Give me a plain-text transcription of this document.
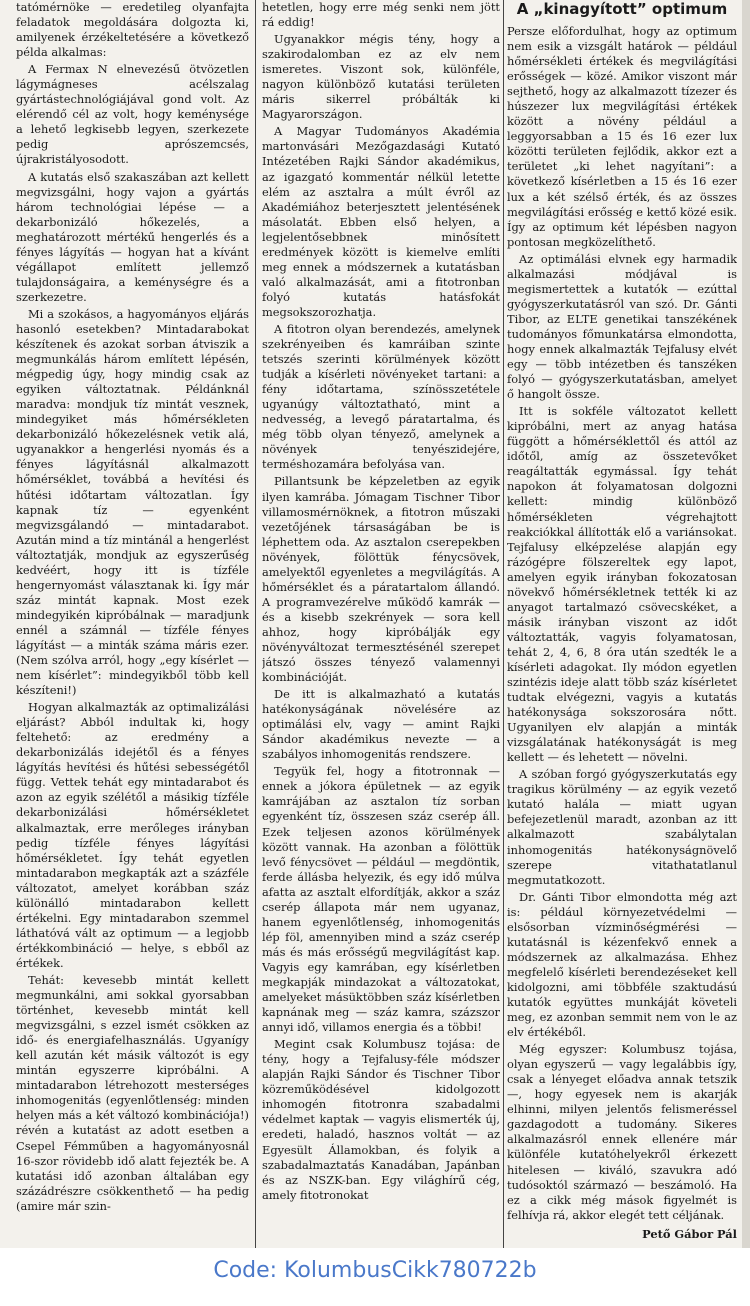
tatómérnöke — eredetileg olyanfajta feladatok megoldására dolgozta ki, amilyenek érzékeltetésére a következő példa alkalmas:

A Fermax N elnevezésű ötvözetlen lágymágneses acélszalag gyártástechnológiájával gond volt. Az elérendő cél az volt, hogy keménysége a lehető legkisebb legyen, szerkezete pedig aprószemcsés, újrakristályosodott.

A kutatás első szakaszában azt kellett megvizsgálni, hogy vajon a gyártás három technológiai lépése — a dekarbonizáló hőkezelés, a meghatározott mértékű hengerlés és a fényes lágyítás — hogyan hat a kívánt végállapot említett jellemző tulajdonságaira, a keménységre és a szerkezetre.

Mi a szokásos, a hagyományos eljárás hasonló esetekben? Mintadarabokat készítenek és azokat sorban átviszik a megmunkálás három említett lépésén, mégpedig úgy, hogy mindig csak az egyiken változtatnak. Példánknál maradva: mondjuk tíz mintát vesznek, mindegyiket más hőmérsékleten dekarbonizáló hőkezelésnek vetik alá, ugyanakkor a hengerlési nyomás és a fényes lágyításnál alkalmazott hőmérséklet, továbbá a hevítési és hűtési időtartam változatlan. Így kapnak tíz — egyenként megvizsgálandó — mintadarabot. Azután mind a tíz mintánál a hengerlést változtatják, mondjuk az egyszerűség kedvéért, hogy itt is tízféle hengernyomást választanak ki. Így már száz mintát kapnak. Most ezek mindegyikén kipróbálnak — maradjunk ennél a számnál — tízféle fényes lágyítást — a minták száma máris ezer. (Nem szólva arról, hogy „egy kísérlet — nem kísérlet”: mindegyikből több kell készíteni!)

Hogyan alkalmazták az optimalizálási eljárást? Abból indultak ki, hogy feltehető: az eredmény a dekarbonizálás idejétől és a fényes lágyítás hevítési és hűtési sebességétől függ. Vettek tehát egy mintadarabot és azon az egyik szélétől a másikig tízféle dekarbonizálási hőmérsékletet alkalmaztak, erre merőleges irányban pedig tízféle fényes lágyítási hőmérsékletet. Így tehát egyetlen mintadarabon megkapták azt a százféle változatot, amelyet korábban száz különálló mintadarabon kellett értékelni. Egy mintadarabon szemmel láthatóvá vált az optimum — a legjobb értékkombináció — helye, s ebből az értékek.

Tehát: kevesebb mintát kellett megmunkálni, ami sokkal gyorsabban történhet, kevesebb mintát kell megvizsgálni, s ezzel ismét csökken az idő- és energiafelhasználás. Ugyanígy kell azután két másik változót is egy mintán egyszerre kipróbálni. A mintadarabon létrehozott mesterséges inhomogenitás (egyenlőtlenség: minden helyen más a két változó kombinációja!) révén a kutatást az adott esetben a Csepel Fémműben a hagyományosnál 16-szor rövidebb idő alatt fejezték be. A kutatási idő azonban általában egy százádrészre csökkenthető — ha pedig (amire már szin-

hetetlen, hogy erre még senki nem jött rá eddig!

Ugyanakkor mégis tény, hogy a szakirodalomban ez az elv nem ismeretes. Viszont sok, különféle, nagyon különböző kutatási területen máris sikerrel próbálták ki Magyarországon.

A Magyar Tudományos Akadémia martonvásári Mezőgazdasági Kutató Intézetében Rajki Sándor akadémikus, az igazgató kommentár nélkül letette elém az asztalra a múlt évről az Akadémiához beterjesztett jelentésének másolatát. Ebben első helyen, a legjelentősebbnek minősített eredmények között is kiemelve említi meg ennek a módszernek a kutatásban való alkalmazását, ami a fitotronban folyó kutatás hatásfokát megsokszorozhatja.

A fitotron olyan berendezés, amelynek szekrényeiben és kamráiban szinte tetszés szerinti körülmények között tudják a kísérleti növényeket tartani: a fény időtartama, színösszetétele ugyanúgy változtatható, mint a nedvesség, a levegő páratartalma, és még több olyan tényező, amelynek a növények tenyészidejére, terméshozamára befolyása van.

Pillantsunk be képzeletben az egyik ilyen kamrába. Jómagam Tischner Tibor villamosmérnöknek, a fitotron műszaki vezetőjének társaságában be is léphettem oda. Az asztalon cserepekben növények, fölöttük fénycsövek, amelyektől egyenletes a megvilágítás. A hőmérséklet és a páratartalom állandó. A programvezérelve működő kamrák — és a kisebb szekrények — sora kell ahhoz, hogy kipróbálják egy növényváltozat termesztésénél szerepet játszó összes tényező valamennyi kombinációját.

De itt is alkalmazható a kutatás hatékonyságának növelésére az optimálási elv, vagy — amint Rajki Sándor akadémikus nevezte — a szabályos inhomogenitás rendszere.

Tegyük fel, hogy a fitotronnak — ennek a jókora épületnek — az egyik kamrájában az asztalon tíz sorban egyenként tíz, összesen száz cserép áll. Ezek teljesen azonos körülmények között vannak. Ha azonban a fölöttük levő fénycsövet — például — megdöntik, ferde állásba helyezik, és egy idő múlva afatta az asztalt elfordítják, akkor a száz cserép állapota már nem ugyanaz, hanem egyenlőtlenség, inhomogenitás lép föl, amennyiben mind a száz cserép más és más erősségű megvilágítást kap. Vagyis egy kamrában, egy kísérletben megkapják mindazokat a változatokat, amelyeket másüktöbben száz kísérletben kapnának meg — száz kamra, százszor annyi idő, villamos energia és a többi!

Megint csak Kolumbusz tojása: de tény, hogy a Tejfalusy-féle módszer alapján Rajki Sándor és Tischner Tibor közreműködésével kidolgozott inhomogén fitotronra szabadalmi védelmet kaptak — vagyis elismerték új, eredeti, haladó, hasznos voltát — az Egyesült Államokban, és folyik a szabadalmaztatás Kanadában, Japánban és az NSZK-ban. Egy világhírű cég, amely fitotronokat

A „kinagyított” optimum

Persze előfordulhat, hogy az optimum nem esik a vizsgált határok — például hőmérsékleti értékek és megvilágítási erősségek — közé. Amikor viszont már sejthető, hogy az alkalmazott tízezer és húszezer lux megvilágítási értékek között a növény például a leggyorsabban a 15 és 16 ezer lux közötti területen fejlődik, akkor ezt a területet „ki lehet nagyítani”: a következő kísérletben a 15 és 16 ezer lux a két szélső érték, és az összes megvilágítási erősség e kettő közé esik. Így az optimum két lépésben nagyon pontosan megközelíthető.

Az optimálási elvnek egy harmadik alkalmazási módjával is megismertettek a kutatók — ezúttal gyógyszerkutatásról van szó. Dr. Gánti Tibor, az ELTE genetikai tanszékének tudományos főmunkatársa elmondotta, hogy ennek alkalmazták Tejfalusy elvét egy — több intézetben és tanszéken folyó — gyógyszerkutatásban, amelyet ő hangolt össze.

Itt is sokféle változatot kellett kipróbálni, mert az anyag hatása függött a hőmérséklettől és attól az időtől, amíg az összetevőket reagáltatták egymással. Így tehát napokon át folyamatosan dolgozni kellett: mindig különböző hőmérsékleten végrehajtott reakciókkal állították elő a variánsokat. Tejfalusy elképzelése alapján egy rázógépre fölszereltek egy lapot, amelyen egyik irányban fokozatosan növekvő hőmérsékletnek tették ki az anyagot tartalmazó csövecskéket, a másik irányban viszont az időt változtatták, vagyis folyamatosan, tehát 2, 4, 6, 8 óra után szedték le a kísérleti adagokat. Ily módon egyetlen szintézis ideje alatt több száz kísérletet tudtak elvégezni, vagyis a kutatás hatékonysága sokszorosára nőtt. Ugyanilyen elv alapján a minták vizsgálatának hatékonyságát is meg kellett — és lehetett — növelni.

A szóban forgó gyógyszerkutatás egy tragikus körülmény — az egyik vezető kutató halála — miatt ugyan befejezetlenül maradt, azonban az itt alkalmazott szabálytalan inhomogenitás hatékonyságnövelő szerepe vitathatatlanul megmutatkozott.

Dr. Gánti Tibor elmondotta még azt is: például környezetvédelmi — elsősorban vízminőségmérési — kutatásnál is kézenfekvő ennek a módszernek az alkalmazása. Ehhez megfelelő kísérleti berendezéseket kell kidolgozni, ami többféle szaktudású kutatók együttes munkáját követeli meg, ez azonban semmit nem von le az elv értékéből.

Még egyszer: Kolumbusz tojása, olyan egyszerű — vagy legalábbis így, csak a lényeget előadva annak tetszik —, hogy egyesek nem is akarják elhinni, milyen jelentős felismeréssel gazdagodott a tudomány. Sikeres alkalmazásról ennek ellenére már különféle kutatóhelyekről érkezett hitelesen — kiváló, szavukra adó tudósoktól származó — beszámoló. Ha ez a cikk még mások figyelmét is felhívja rá, akkor elegét tett céljának.

Pető Gábor Pál

Code: KolumbusCikk780722b
